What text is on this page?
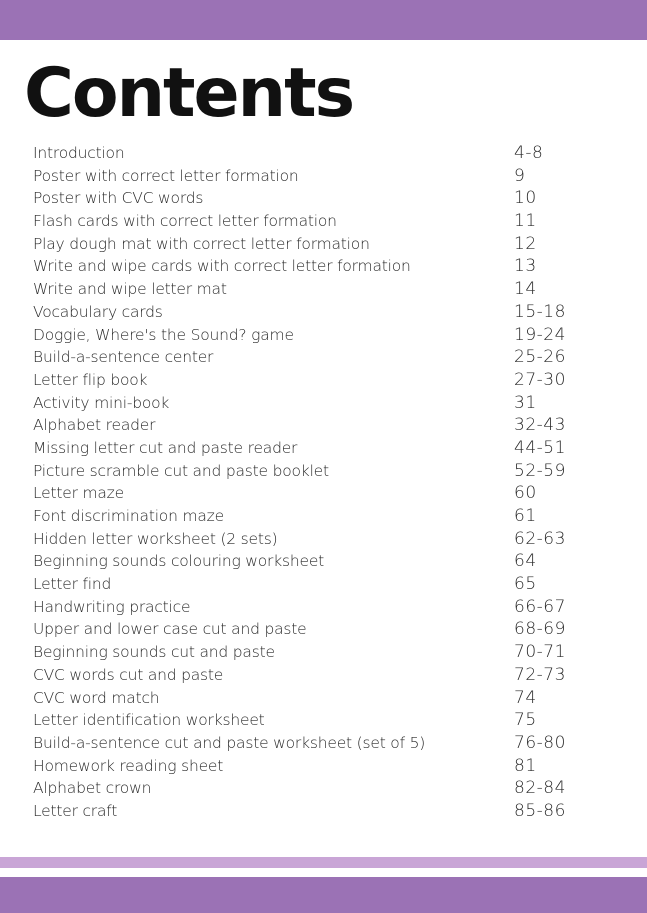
Contents
Introduction	4-8
Poster with correct letter formation	9
Poster with CVC words	10
Flash cards with correct letter formation	11
Play dough mat with correct letter formation	12
Write and wipe cards with correct letter formation	13
Write and wipe letter mat	14
Vocabulary cards	15-18
Doggie, Where's the Sound? game	19-24
Build-a-sentence center	25-26
Letter flip book	27-30
Activity mini-book	31
Alphabet reader	32-43
Missing letter cut and paste reader	44-51
Picture scramble cut and paste booklet	52-59
Letter maze	60
Font discrimination maze	61
Hidden letter worksheet (2 sets)	62-63
Beginning sounds colouring worksheet	64
Letter find	65
Handwriting practice	66-67
Upper and lower case cut and paste	68-69
Beginning sounds cut and paste	70-71
CVC words cut and paste	72-73
CVC word match	74
Letter identification worksheet	75
Build-a-sentence cut and paste worksheet (set of 5)	76-80
Homework reading sheet	81
Alphabet crown	82-84
Letter craft	85-86
